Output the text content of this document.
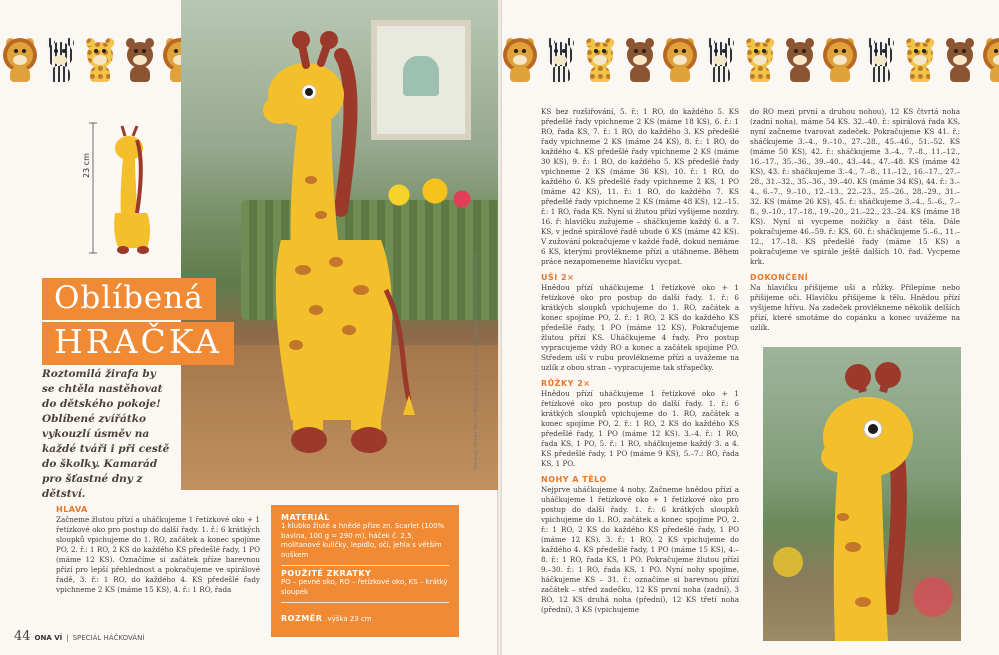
23 cm
Oblíbená
HRAČKA
Roztomilá žirafa by se chtěla nastěhovat do dětského pokoje! Oblíbené zvířátko vykouzlí úsměv na každé tváři i při cestě do školky. Kamarád pro šťastné dny z dětství.
HLAVA
Začneme žlutou přízí a uháčkujeme 1 řetízkové oko + 1 řetízkové oko pro postup do další řady. 1. ř.: 6 krátkých sloupků vpichujeme do 1. RO, začátek a konec spojíme PO, 2. ř.: 1 RO, 2 KS do každého KS předešlé řady, 1 PO (máme 12 KS). Označíme si začátek příze barevnou přízí pro lepší přehlednost a pokračujeme ve spirálové řadě, 3. ř.: 1 RO, do každého 4. KS předešlé řady vpichneme 2 KS (máme 15 KS), 4. ř.: 1 RO, řada
MATERIÁL
1 klubko žluté a hnědé příze zn. Scarlet (100% bavlna, 100 g = 290 m), háček č. 2,5, molitanové kuličky, lepidlo, oči, jehla s větším ouškem
POUŽITÉ ZKRATKY
PO – pevné oko, RO – řetízkové oko, KS – krátký sloupek
ROZMĚR výška 23 cm
44 ONA VÍ | SPECIÁL HÁČKOVÁNÍ
KS bez rozšiřování, 5. ř.: 1 RO, do každého 5. KS předešlé řady vpichneme 2 KS (máme 18 KS), 6. ř.: 1 RO, řada KS, 7. ř.: 1 RO, do každého 3. KS předešlé řady vpichneme 2 KS (máme 24 KS), 8. ř.: 1 RO, do každého 4. KS předešlé řady vpichneme 2 KS (máme 30 KS), 9. ř.: 1 RO, do každého 5. KS předešlé řady vpichneme 2 KS (máme 36 KS), 10. ř.: 1 RO, do každého 6. KS předešlé řady vpichneme 2 KS, 1 PO (máme 42 KS), 11. ř.: 1 RO, do každého 7. KS předešlé řady vpichneme 2 KS (máme 48 KS), 12.–15. ř.: 1 RO, řada KS. Nyní si žlutou přízí vyšijeme nozdry. 16. ř: hlavičku zužujeme – sháčkujeme každý 6. a 7. KS, v jedné spirálové řadě ubude 6 KS (máme 42 KS). V zužování pokračujeme v každé řadě, dokud nemáme 6 KS, kterými provlékneme přízi a utáhneme. Během práce nezapomeneme hlavičku vycpat.
UŠI 2×
Hnědou přízí uháčkujeme 1 řetízkové oko + 1 řetízkové oko pro postup do další řady. 1. ř.: 6 krátkých sloupků vpichujeme do 1. RO, začátek a konec spojíme PO, 2. ř.: 1 RO, 2 KS do každého KS předešlé řady, 1 PO (máme 12 KS). Pokračujeme žlutou přízí KS. Uháčkujeme 4 řady. Pro postup vypracujeme vždy RO a konec a začátek spojíme PO. Středem uší v rubu provlékneme přízi a uvážeme na uzlík z obou stran – vypracujeme tak střapečky.
RŮŽKY 2×
Hnědou přízí uháčkujeme 1 řetízkové oko + 1 řetízkové oko pro postup do další řady. 1. ř.: 6 krátkých sloupků vpichujeme do 1. RO, začátek a konec spojíme PO, 2. ř.: 1 RO, 2 KS do každého KS předešlé řady, 1 PO (máme 12 KS). 3.–4. ř.: 1 RO, řada KS, 1 PO, 5. ř.: 1 RO, sháčkujeme každý 3. a 4. KS předešlé řady, 1 PO (máme 9 KS), 5.–7.: RO, řada KS, 1 PO.
NOHY A TĚLO
Nejprve uháčkujeme 4 nohy. Začneme hnědou přízí a uháčkujeme 1 řetízkové oko + 1 řetízkové oko pro postup do další řady. 1. ř.: 6 krátkých sloupků vpichujeme do 1. RO, začátek a konec spojíme PO, 2. ř.: 1 RO, 2 KS do každého KS předešlé řady, 1 PO (máme 12 KS). 3. ř.: 1 RO, 2 KS vpichujeme do každého 4. KS předešlé řady, 1 PO (máme 15 KS), 4.–8. ř.: 1 RO, řada KS, 1 PO. Pokračujeme žlutou přízí 9.–30. ř.: 1 RO, řada KS, 1 PO. Nyní nohy spojíme, háčkujeme KS – 31. ř.: označíme si barevnou přízí začátek – střed zadečku, 12 KS první noha (zadní), 3 RO, 12 KS druhá noha (přední), 12 KS třetí noha (přední), 3 KS (vpichujeme
do RO mezi první a druhou nohou), 12 KS čtvrtá noha (zadní noha), máme 54 KS. 32.–40. ř.: spirálová řada KS, nyní začneme tvarovat zadeček. Pokračujeme KS 41. ř.: sháčkujeme 3.–4., 9.–10., 27.–28., 45.–46., 51.–52. KS (máme 50 KS), 42. ř.: sháčkujeme 3.–4., 7.–8., 11.–12., 16.–17., 35.–36., 39.–40., 43.–44., 47.–48. KS (máme 42 KS), 43. ř.: sháčkujeme 3.–4., 7.–8., 11.–12., 16.–17., 27.–28., 31.–32., 35.–36., 39.–40. KS (máme 34 KS), 44. ř.: 3.–4., 6.–7., 9.–10., 12.–13., 22.–23., 25.–26., 28.–29., 31.–32. KS (máme 26 KS), 45. ř.: sháčkujeme 3.–4., 5.–6., 7.–8., 9.–10., 17.–18., 19.–20., 21.–22., 23.–24. KS (máme 18 KS). Nyní si vycpeme nožičky a část těla. Dále pokračujeme 46.–59. ř.: KS, 60. ř.: sháčkujeme 5.–6., 11.–12., 17.–18. KS předešlé řady (máme 15 KS) a pokračujeme ve spirále ještě dalších 10. řad. Vycpeme krk.
DOKONČENÍ
Na hlavičku přišijeme uši a růžky. Přilepíme nebo přišijeme oči. Hlavičku přišijeme k tělu. Hnědou přízí vyšijeme hřívu. Na zadeček provlékneme několik delších přízí, které smotáme do copánku a konec uvážeme na uzlík.
